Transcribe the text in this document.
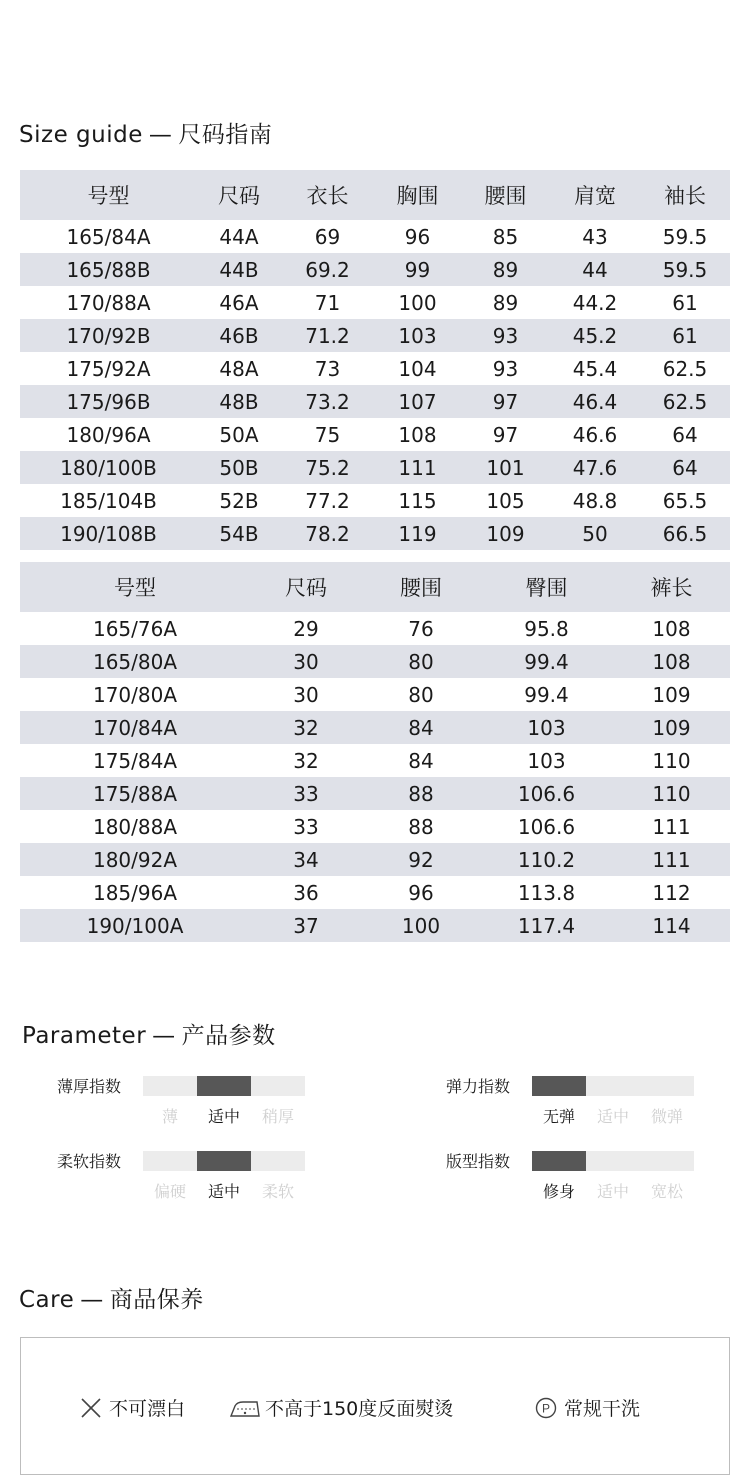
Size guide — 尺码指南
号型	尺码	衣长	胸围	腰围	肩宽	袖长
165/84A	44A	69	96	85	43	59.5
165/88B	44B	69.2	99	89	44	59.5
170/88A	46A	71	100	89	44.2	61
170/92B	46B	71.2	103	93	45.2	61
175/92A	48A	73	104	93	45.4	62.5
175/96B	48B	73.2	107	97	46.4	62.5
180/96A	50A	75	108	97	46.6	64
180/100B	50B	75.2	111	101	47.6	64
185/104B	52B	77.2	115	105	48.8	65.5
190/108B	54B	78.2	119	109	50	66.5
号型	尺码	腰围	臀围	裤长
165/76A	29	76	95.8	108
165/80A	30	80	99.4	108
170/80A	30	80	99.4	109
170/84A	32	84	103	109
175/84A	32	84	103	110
175/88A	33	88	106.6	110
180/88A	33	88	106.6	111
180/92A	34	92	110.2	111
185/96A	36	96	113.8	112
190/100A	37	100	117.4	114
Parameter — 产品参数
薄厚指数
薄	适中	稍厚
弹力指数
无弹	适中	微弹
柔软指数
偏硬	适中	柔软
版型指数
修身	适中	宽松
Care — 商品保养
不可漂白	不高于150度反面熨烫	P 常规干洗
